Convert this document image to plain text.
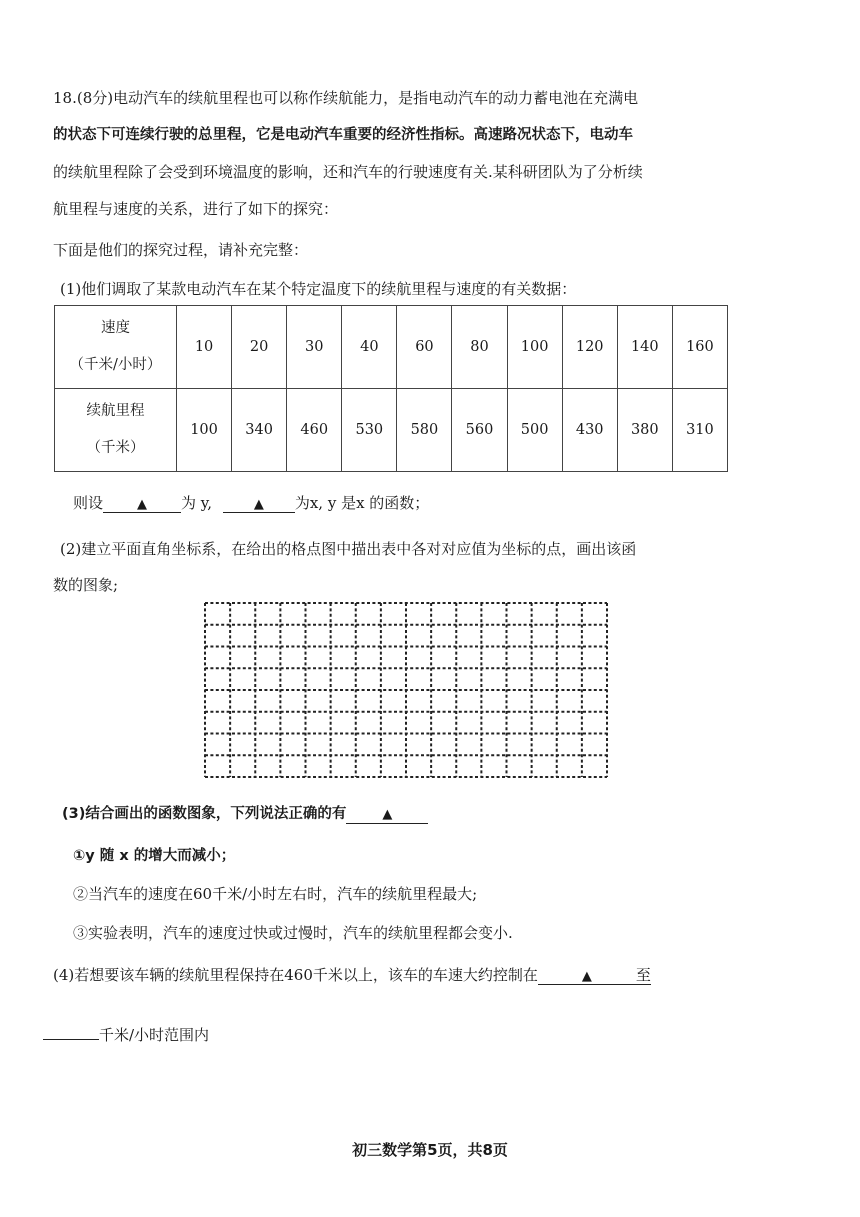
18.(8分)电动汽车的续航里程也可以称作续航能力，是指电动汽车的动力蓄电池在充满电
的状态下可连续行驶的总里程，它是电动汽车重要的经济性指标。高速路况状态下，电动车
的续航里程除了会受到环境温度的影响，还和汽车的行驶速度有关.某科研团队为了分析续
航里程与速度的关系，进行了如下的探究：
下面是他们的探究过程，请补充完整：
(1)他们调取了某款电动汽车在某个特定温度下的续航里程与速度的有关数据：
速度
（千米/小时）	10	20	30	40	60	80	100	120	140	160

续航里程
（千米）	100	340	460	530	580	560	500	430	380	310
则设	▲ 为 y,	▲ 为x, y 是x 的函数；
(2)建立平面直角坐标系，在给出的格点图中描出表中各对对应值为坐标的点，画出该函
数的图象;
(3)结合画出的函数图象，下列说法正确的有	▲
①y 随 x 的增大而减小；
②当汽车的速度在60千米/小时左右时，汽车的续航里程最大;
③实验表明，汽车的速度过快或过慢时，汽车的续航里程都会变小.
(4)若想要该车辆的续航里程保持在460千米以上，该车的车速大约控制在	▲	至
千米/小时范围内
初三数学第5页，共8页
